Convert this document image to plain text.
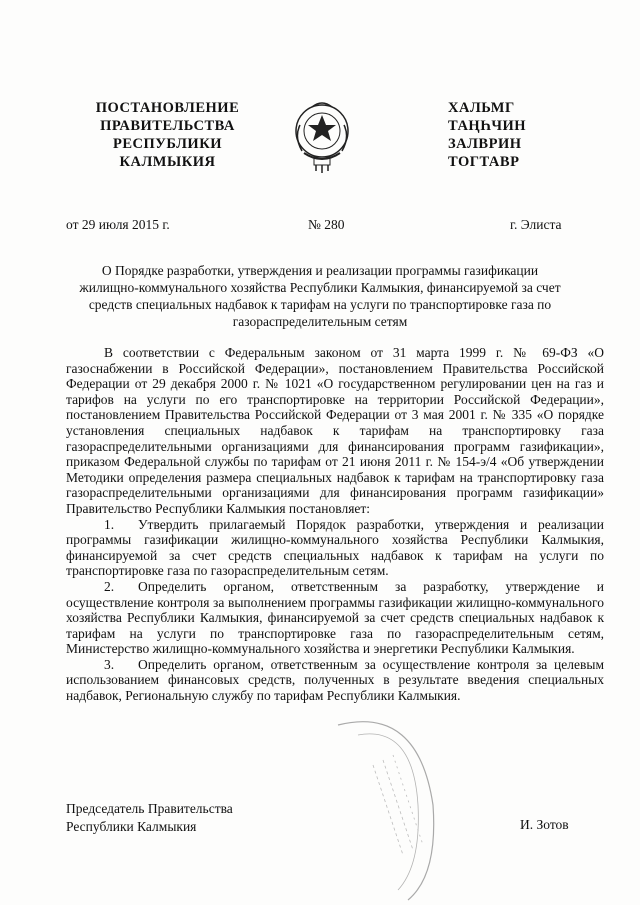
ПОСТАНОВЛЕНИЕ
ПРАВИТЕЛЬСТВА
РЕСПУБЛИКИ
КАЛМЫКИЯ
ХАЛЬМГ
ТАҢҺЧИН
ЗАЛВРИН
ТОГТАВР
от 29 июля 2015 г.	№ 280	г. Элиста
О Порядке разработки, утверждения и реализации программы газификации жилищно-коммунального хозяйства Республики Калмыкия, финансируемой за счет средств специальных надбавок к тарифам на услуги по транспортировке газа по газораспределительным сетям

В соответствии с Федеральным законом от 31 марта 1999 г. № 69-ФЗ «О газоснабжении в Российской Федерации», постановлением Правительства Российской Федерации от 29 декабря 2000 г. № 1021 «О государственном регулировании цен на газ и тарифов на услуги по его транспортировке на территории Российской Федерации», постановлением Правительства Российской Федерации от 3 мая 2001 г. № 335 «О порядке установления специальных надбавок к тарифам на транспортировку газа газораспределительными организациями для финансирования программ газификации», приказом Федеральной службы по тарифам от 21 июня 2011 г. № 154-э/4 «Об утверждении Методики определения размера специальных надбавок к тарифам на транспортировку газа газораспределительными организациями для финансирования программ газификации» Правительство Республики Калмыкия постановляет:

1. Утвердить прилагаемый Порядок разработки, утверждения и реализации программы газификации жилищно-коммунального хозяйства Республики Калмыкия, финансируемой за счет средств специальных надбавок к тарифам на услуги по транспортировке газа по газораспределительным сетям.

2. Определить органом, ответственным за разработку, утверждение и осуществление контроля за выполнением программы газификации жилищно-коммунального хозяйства Республики Калмыкия, финансируемой за счет средств специальных надбавок к тарифам на услуги по транспортировке газа по газораспределительным сетям, Министерство жилищно-коммунального хозяйства и энергетики Республики Калмыкия.

3. Определить органом, ответственным за осуществление контроля за целевым использованием финансовых средств, полученных в результате введения специальных надбавок, Региональную службу по тарифам Республики Калмыкия.

Председатель Правительства
Республики Калмыкия	И. Зотов
